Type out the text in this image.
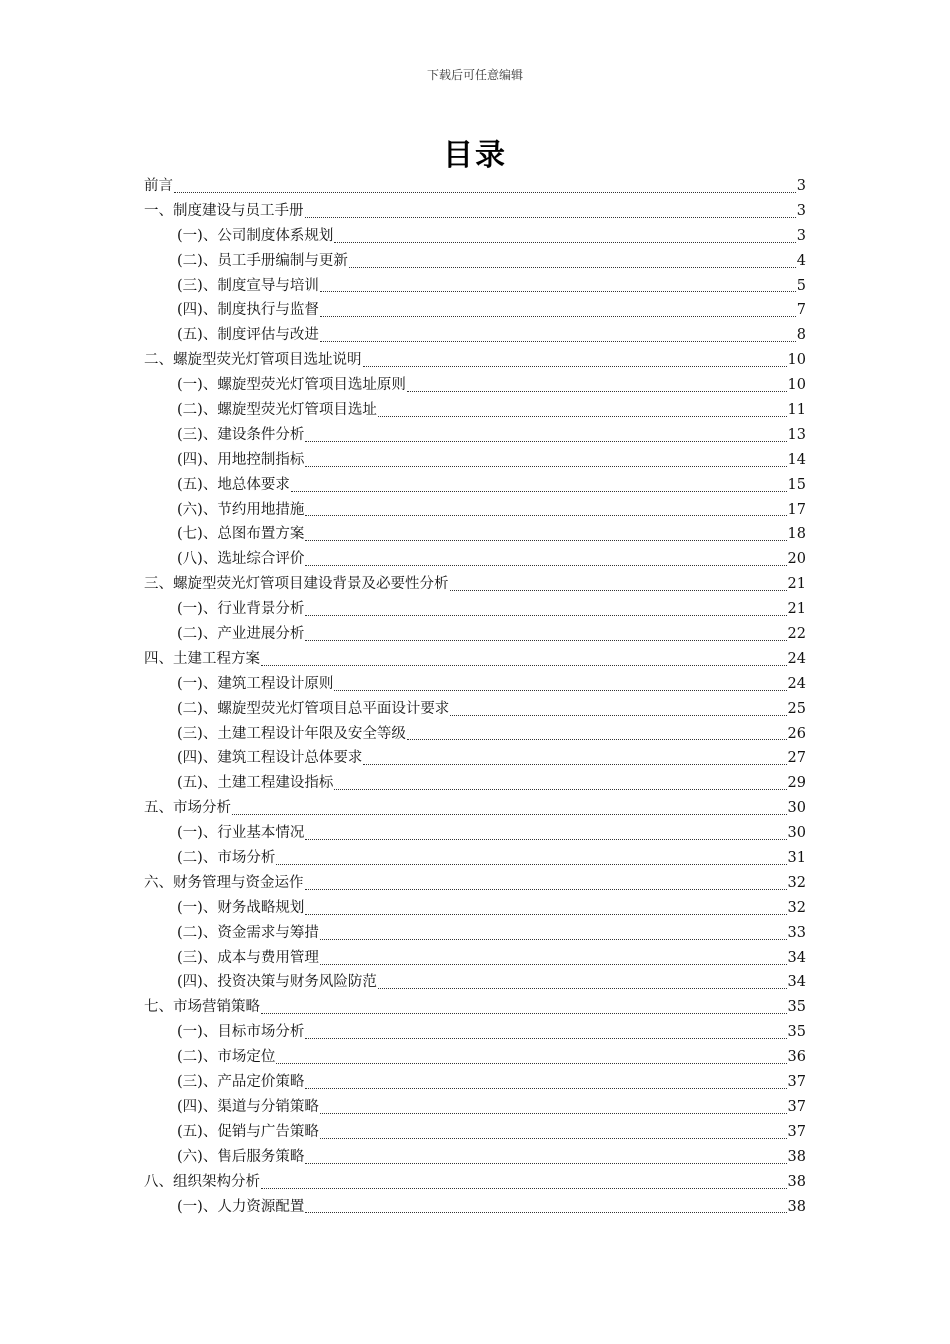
下载后可任意编辑
目录
前言	3
一、制度建设与员工手册	3
(一)、公司制度体系规划	3
(二)、员工手册编制与更新	4
(三)、制度宣导与培训	5
(四)、制度执行与监督	7
(五)、制度评估与改进	8
二、螺旋型荧光灯管项目选址说明	10
(一)、螺旋型荧光灯管项目选址原则	10
(二)、螺旋型荧光灯管项目选址	11
(三)、建设条件分析	13
(四)、用地控制指标	14
(五)、地总体要求	15
(六)、节约用地措施	17
(七)、总图布置方案	18
(八)、选址综合评价	20
三、螺旋型荧光灯管项目建设背景及必要性分析	21
(一)、行业背景分析	21
(二)、产业进展分析	22
四、土建工程方案	24
(一)、建筑工程设计原则	24
(二)、螺旋型荧光灯管项目总平面设计要求	25
(三)、土建工程设计年限及安全等级	26
(四)、建筑工程设计总体要求	27
(五)、土建工程建设指标	29
五、市场分析	30
(一)、行业基本情况	30
(二)、市场分析	31
六、财务管理与资金运作	32
(一)、财务战略规划	32
(二)、资金需求与筹措	33
(三)、成本与费用管理	34
(四)、投资决策与财务风险防范	34
七、市场营销策略	35
(一)、目标市场分析	35
(二)、市场定位	36
(三)、产品定价策略	37
(四)、渠道与分销策略	37
(五)、促销与广告策略	37
(六)、售后服务策略	38
八、组织架构分析	38
(一)、人力资源配置	38
